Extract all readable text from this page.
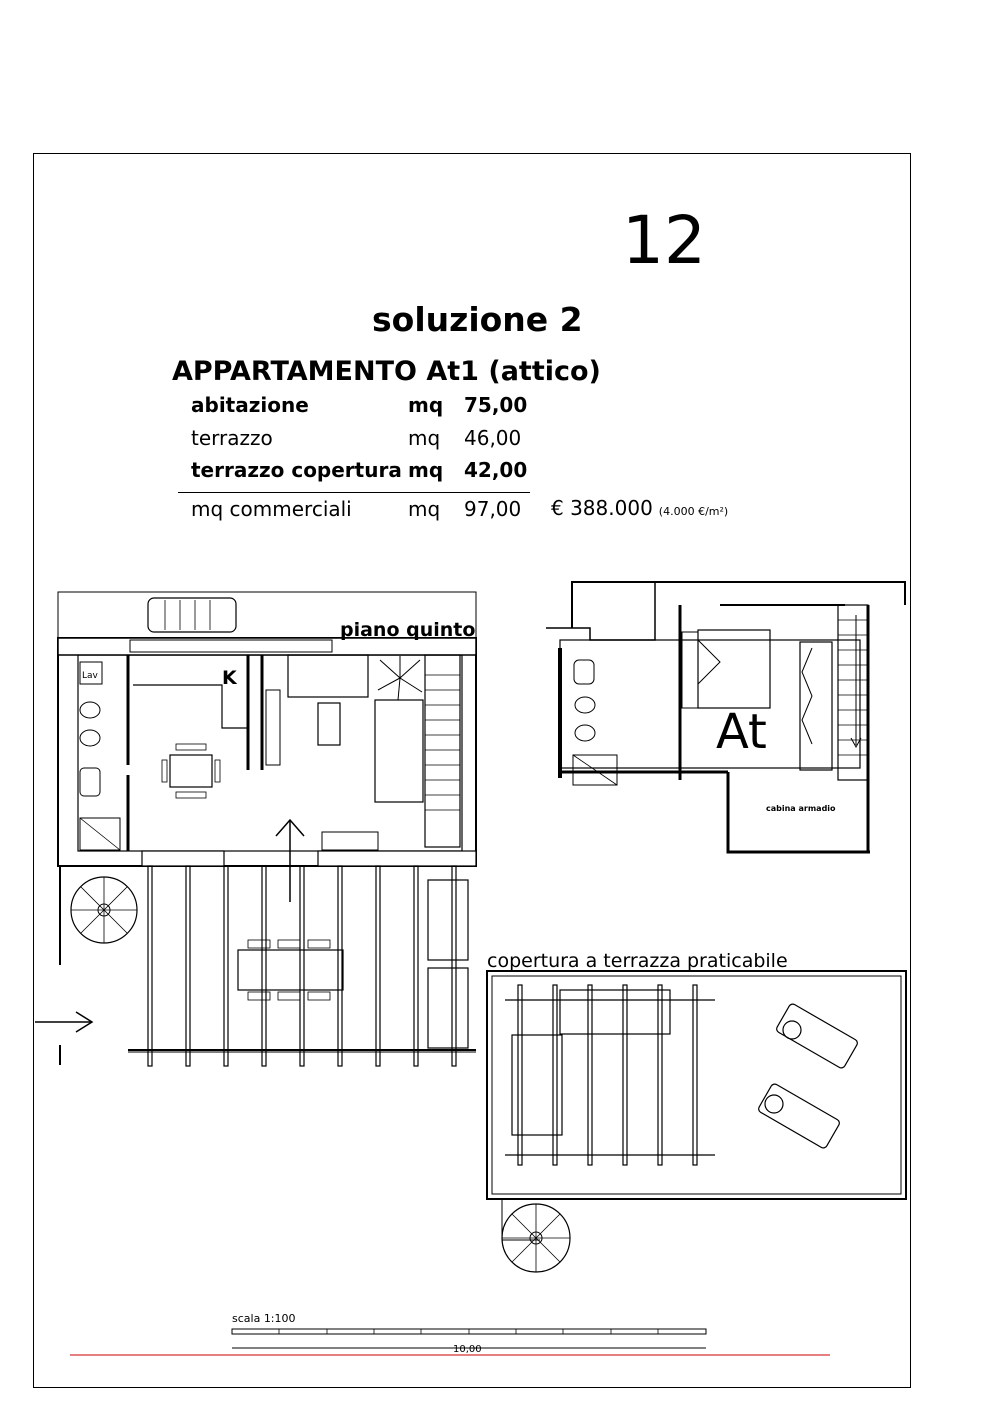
12
soluzione 2
APPARTAMENTO At1 (attico)
abitazione	mq 75,00
terrazzo	mq 46,00
terrazzo copertura mq 42,00
mq commerciali	mq 97,00 € 388.000 (4.000 €/m²)
piano quinto
K
Lav
At
cabina armadio
copertura a terrazza praticabile
scala 1:100
10,00
